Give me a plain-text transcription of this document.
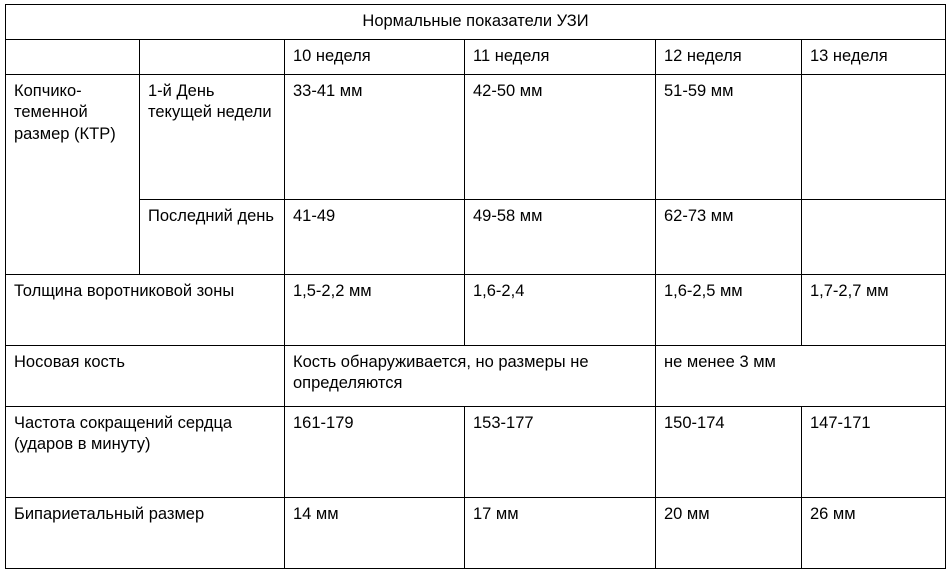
Нормальные показатели УЗИ					
		10 неделя	11 неделя	12 неделя	13 неделя
Копчико-теменной размер (КТР)	1-й День текущей недели	33-41 мм	42-50 мм	51-59 мм	
	Последний день	41-49	49-58 мм	62-73 мм	
Толщина воротниковой зоны		1,5-2,2 мм	1,6-2,4	1,6-2,5 мм	1,7-2,7 мм
Носовая кость		Кость обнаруживается, но размеры не определяются		не менее 3 мм	
Частота сокращений сердца (ударов в минуту)		161-179	153-177	150-174	147-171
Бипариетальный размер		14 мм	17 мм	20 мм	26 мм
